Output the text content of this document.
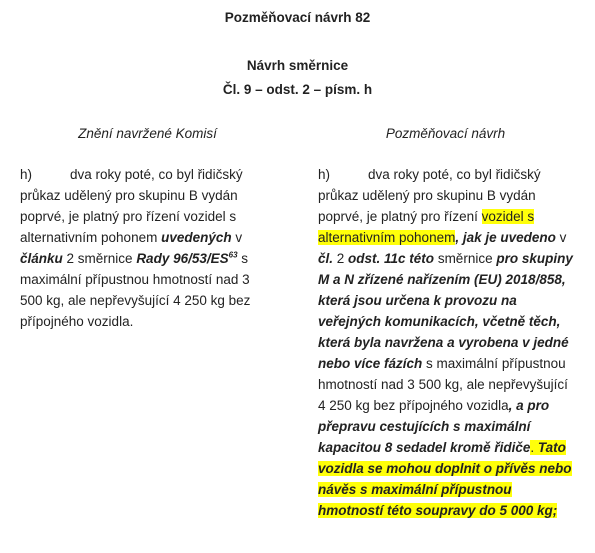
Pozměňovací návrh 82
Návrh směrnice
Čl. 9 – odst. 2 – písm. h
Znění navržené Komisí	Pozměňovací návrh
h)	dva roky poté, co byl řidičský průkaz udělený pro skupinu B vydán poprvé, je platný pro řízení vozidel s alternativním pohonem uvedených v článku 2 směrnice Rady 96/53/ES$^{63}$ s maximální přípustnou hmotností nad 3 500 kg, ale nepřevyšující 4 250 kg bez přípojného vozidla.
h)	dva roky poté, co byl řidičský průkaz udělený pro skupinu B vydán poprvé, je platný pro řízení vozidel s alternativním pohonem, jak je uvedeno v čl. 2 odst. 11c této směrnice pro skupiny M a N zřízené nařízením (EU) 2018/858, která jsou určena k provozu na veřejných komunikacích, včetně těch, která byla navržena a vyrobena v jedné nebo více fázích s maximální přípustnou hmotností nad 3 500 kg, ale nepřevyšující 4 250 kg bez přípojného vozidla, a pro přepravu cestujících s maximální kapacitou 8 sedadel kromě řidiče. Tato vozidla se mohou doplnit o přívěs nebo návěs s maximální přípustnou hmotností této soupravy do 5 000 kg;
